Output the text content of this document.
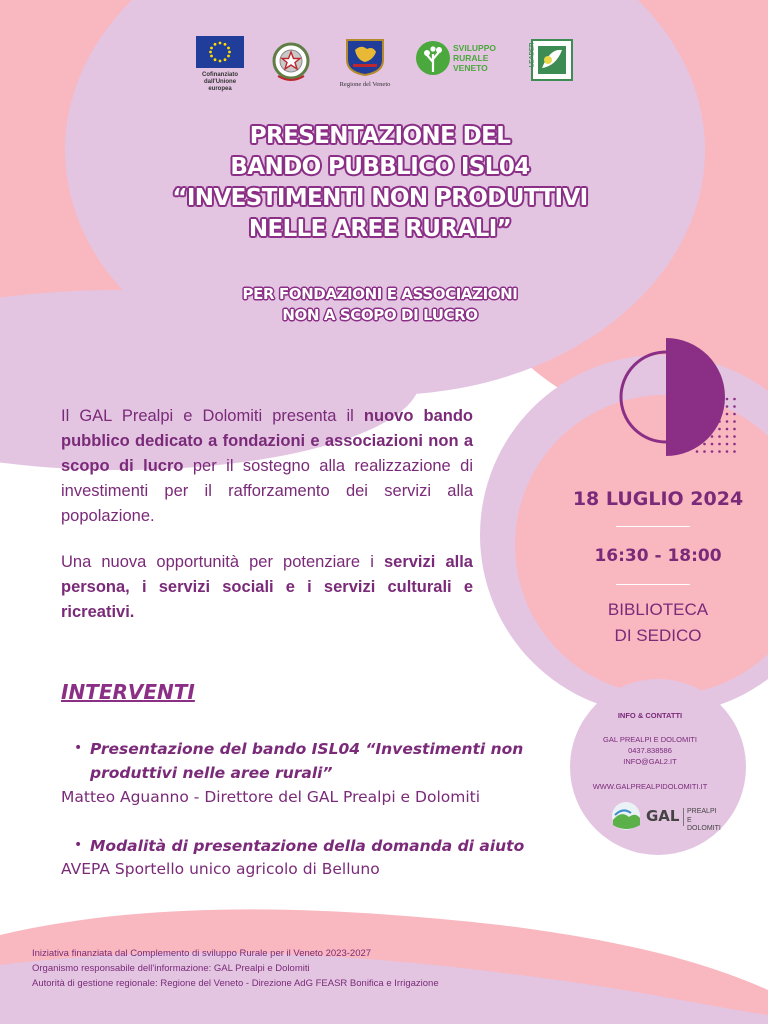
Cofinanziato
dall'Unione europea
Regione del Veneto
SVILUPPO
RURALE
VENETO
LEADER
PRESENTAZIONE DEL
BANDO PUBBLICO ISL04
“INVESTIMENTI NON PRODUTTIVI
NELLE AREE RURALI”
PER FONDAZIONI E ASSOCIAZIONI
NON A SCOPO DI LUCRO

Il GAL Prealpi e Dolomiti presenta il nuovo bando pubblico dedicato a fondazioni e associazioni non a scopo di lucro per il sostegno alla realizzazione di investimenti per il rafforzamento dei servizi alla popolazione.

Una nuova opportunità per potenziare i servizi alla persona, i servizi sociali e i servizi culturali e ricreativi.

18 LUGLIO 2024
16:30 - 18:00
BIBLIOTECA
DI SEDICO
INTERVENTI
• Presentazione del bando ISL04 “Investimenti non
produttivi nelle aree rurali”
Matteo Aguanno - Direttore del GAL Prealpi e Dolomiti
• Modalità di presentazione della domanda di aiuto
AVEPA Sportello unico agricolo di Belluno
INFO & CONTATTI
GAL PREALPI E DOLOMITI
0437.838586
INFO@GAL2.IT
WWW.GALPREALPIDOLOMITI.IT
GAL PREALPI E
DOLOMITI
Iniziativa finanziata dal Complemento di sviluppo Rurale per il Veneto 2023-2027
Organismo responsabile dell'informazione: GAL Prealpi e Dolomiti
Autorità di gestione regionale: Regione del Veneto - Direzione AdG FEASR Bonifica e Irrigazione
